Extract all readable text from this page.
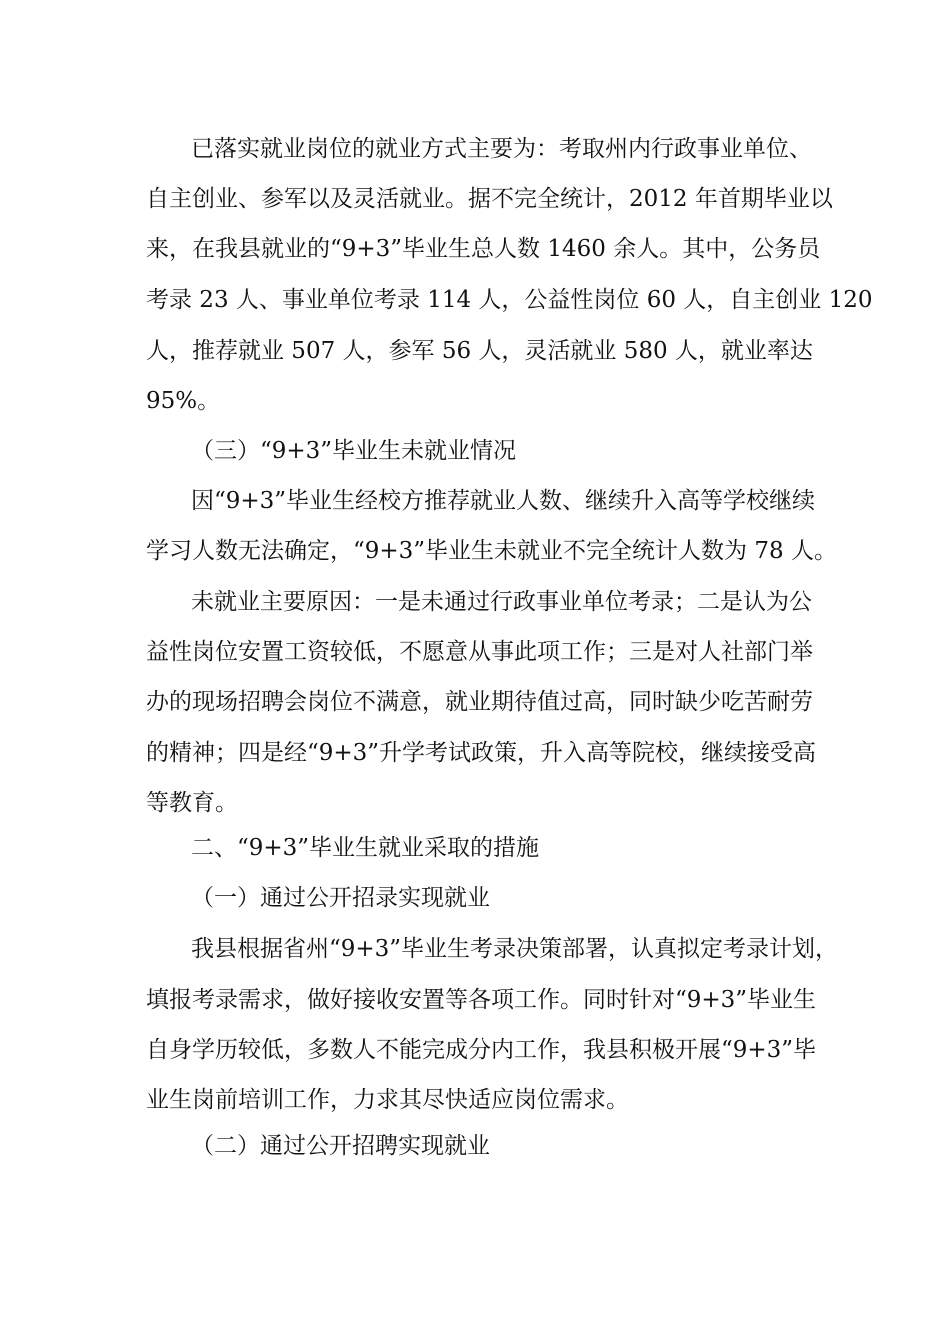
已落实就业岗位的就业方式主要为：考取州内行政事业单位、
自主创业、参军以及灵活就业。据不完全统计，2012 年首期毕业以
来，在我县就业的“9+3”毕业生总人数 1460 余人。其中，公务员
考录 23 人、事业单位考录 114 人，公益性岗位 60 人，自主创业 120
人，推荐就业 507 人，参军 56 人，灵活就业 580 人，就业率达
95%。
（三）“9+3”毕业生未就业情况
因“9+3”毕业生经校方推荐就业人数、继续升入高等学校继续
学习人数无法确定，“9+3”毕业生未就业不完全统计人数为 78 人。
未就业主要原因：一是未通过行政事业单位考录；二是认为公
益性岗位安置工资较低，不愿意从事此项工作；三是对人社部门举
办的现场招聘会岗位不满意，就业期待值过高，同时缺少吃苦耐劳
的精神；四是经“9+3”升学考试政策，升入高等院校，继续接受高
等教育。
二、“9+3”毕业生就业采取的措施
（一）通过公开招录实现就业
我县根据省州“9+3”毕业生考录决策部署，认真拟定考录计划，
填报考录需求，做好接收安置等各项工作。同时针对“9+3”毕业生
自身学历较低，多数人不能完成分内工作，我县积极开展“9+3”毕
业生岗前培训工作，力求其尽快适应岗位需求。
（二）通过公开招聘实现就业
